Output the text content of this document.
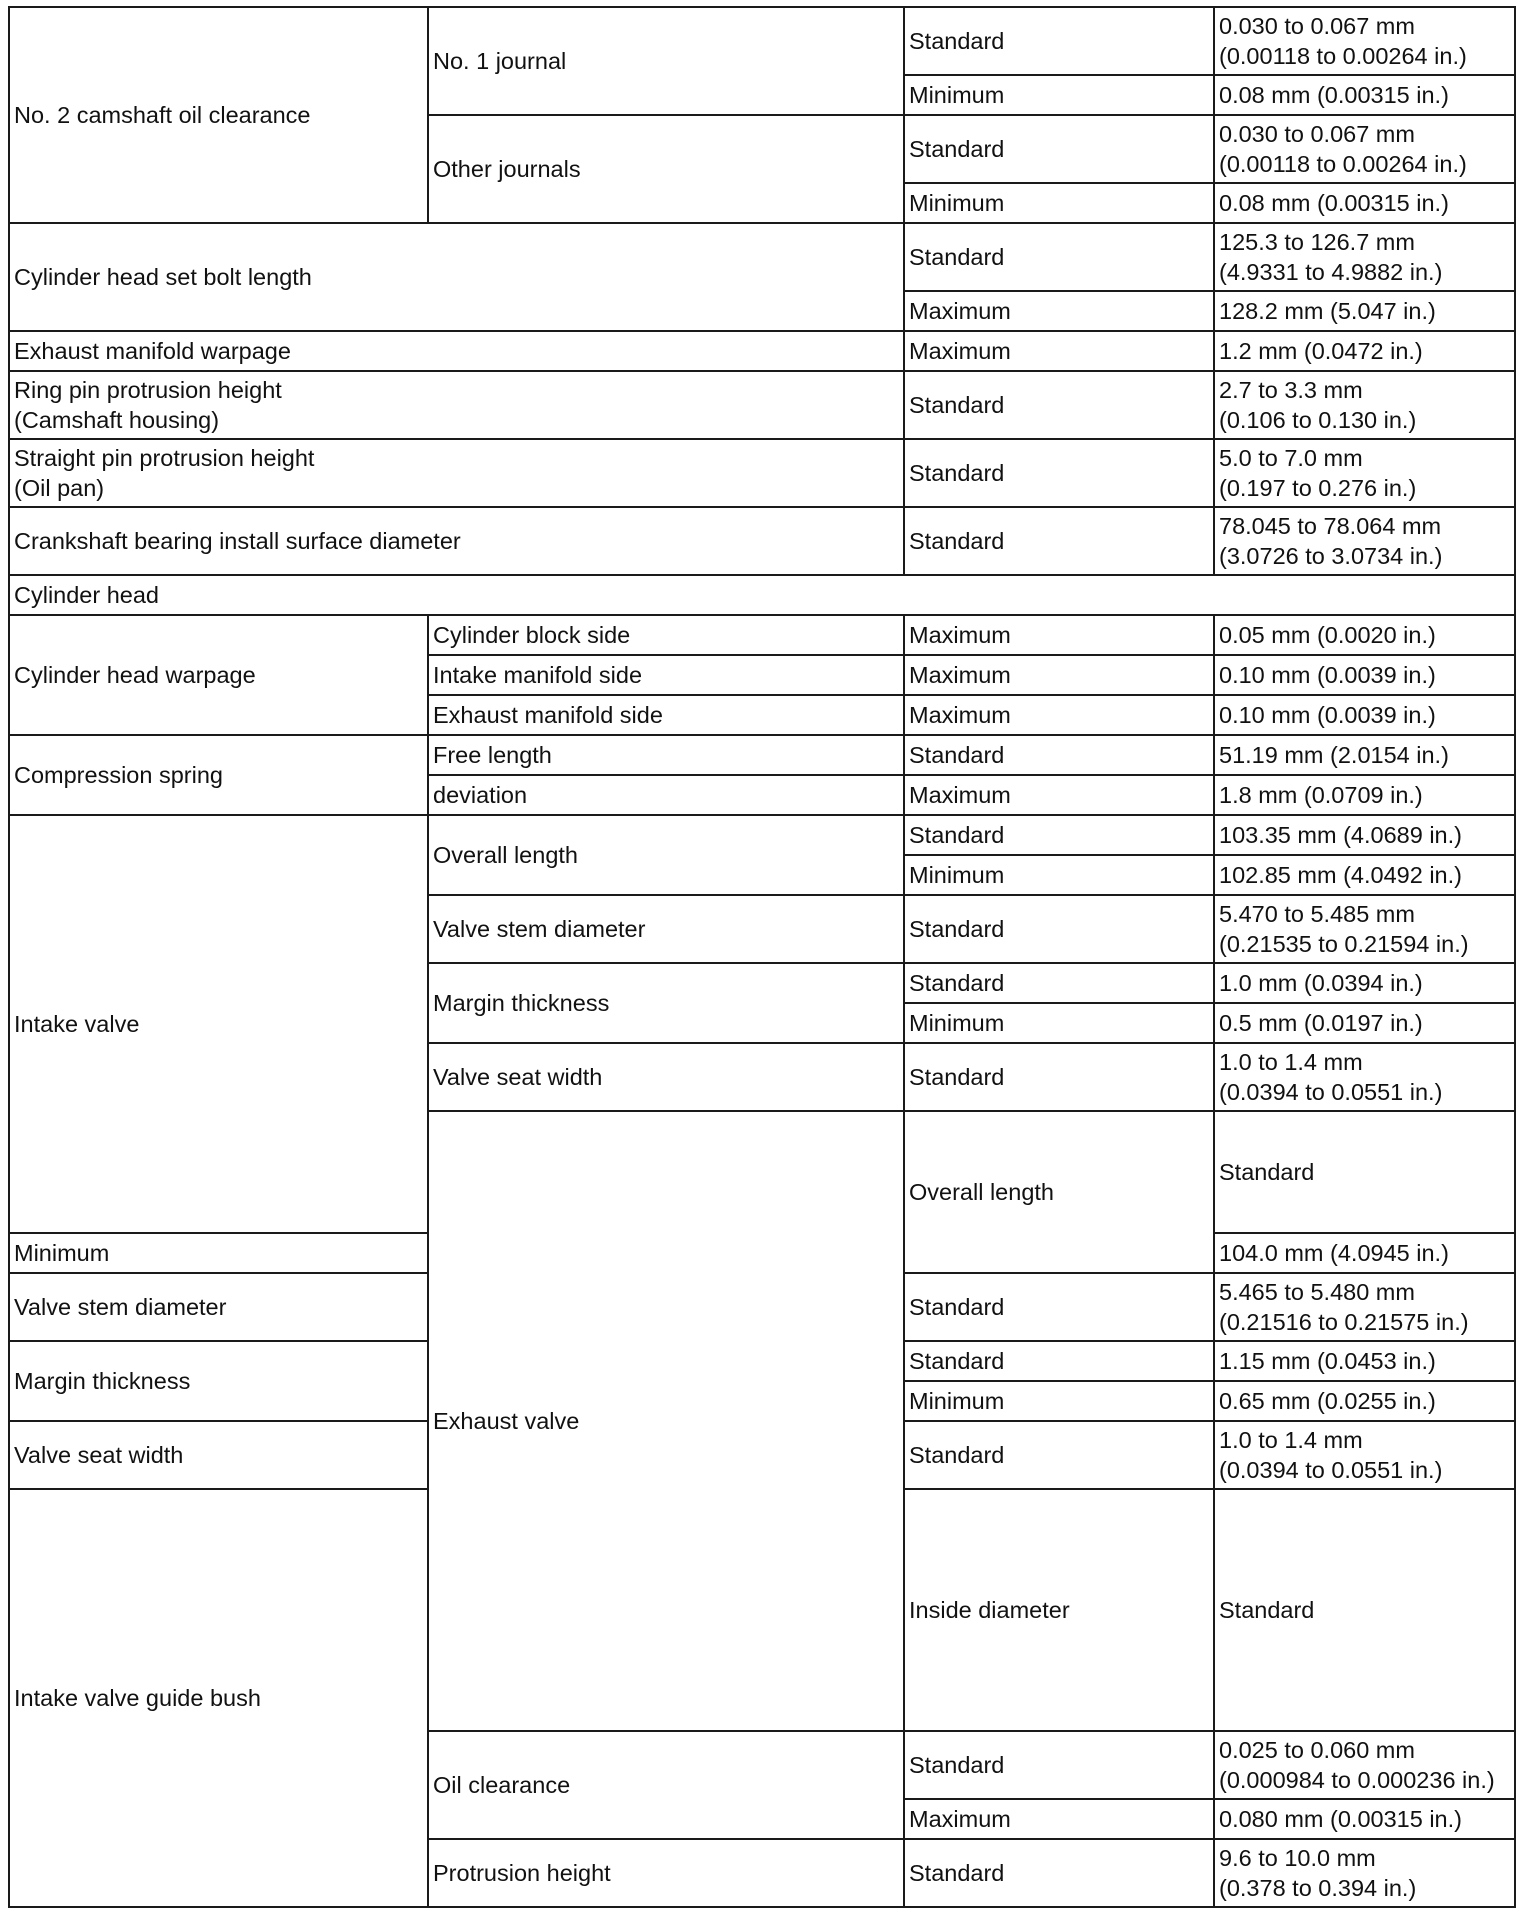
No. 2 camshaft oil clearance	No. 1 journal	Standard	0.030 to 0.067 mm
(0.00118 to 0.00264 in.)	
		Minimum	0.08 mm (0.00315 in.)	
	Other journals	Standard	0.030 to 0.067 mm
(0.00118 to 0.00264 in.)	
		Minimum	0.08 mm (0.00315 in.)	
Cylinder head set bolt length		Standard	125.3 to 126.7 mm
(4.9331 to 4.9882 in.)	
		Maximum	128.2 mm (5.047 in.)	
Exhaust manifold warpage		Maximum	1.2 mm (0.0472 in.)	
Ring pin protrusion height
(Camshaft housing)		Standard	2.7 to 3.3 mm
(0.106 to 0.130 in.)	
Straight pin protrusion height
(Oil pan)		Standard	5.0 to 7.0 mm
(0.197 to 0.276 in.)	
Crankshaft bearing install surface diameter		Standard	78.045 to 78.064 mm
(3.0726 to 3.0734 in.)	
Cylinder head				
Cylinder head warpage	Cylinder block side	Maximum	0.05 mm (0.0020 in.)	
	Intake manifold side	Maximum	0.10 mm (0.0039 in.)	
	Exhaust manifold side	Maximum	0.10 mm (0.0039 in.)	
Compression spring	Free length	Standard	51.19 mm (2.0154 in.)	
	deviation	Maximum	1.8 mm (0.0709 in.)	
Intake valve	Overall length	Standard	103.35 mm (4.0689 in.)	
		Minimum	102.85 mm (4.0492 in.)	
	Valve stem diameter	Standard	5.470 to 5.485 mm
(0.21535 to 0.21594 in.)	
	Margin thickness	Standard	1.0 mm (0.0394 in.)	
		Minimum	0.5 mm (0.0197 in.)	
	Valve seat width	Standard	1.0 to 1.4 mm
(0.0394 to 0.0551 in.)	
	Exhaust valve	Overall length	Standard	
Minimum			104.0 mm (4.0945 in.)	
Valve stem diameter		Standard	5.465 to 5.480 mm
(0.21516 to 0.21575 in.)	
Margin thickness		Standard	1.15 mm (0.0453 in.)	
		Minimum	0.65 mm (0.0255 in.)	
Valve seat width		Standard	1.0 to 1.4 mm
(0.0394 to 0.0551 in.)	
Intake valve guide bush		Inside diameter	Standard	
	Oil clearance	Standard	0.025 to 0.060 mm
(0.000984 to 0.000236 in.)	
		Maximum	0.080 mm (0.00315 in.)	
	Protrusion height	Standard	9.6 to 10.0 mm
(0.378 to 0.394 in.)	
